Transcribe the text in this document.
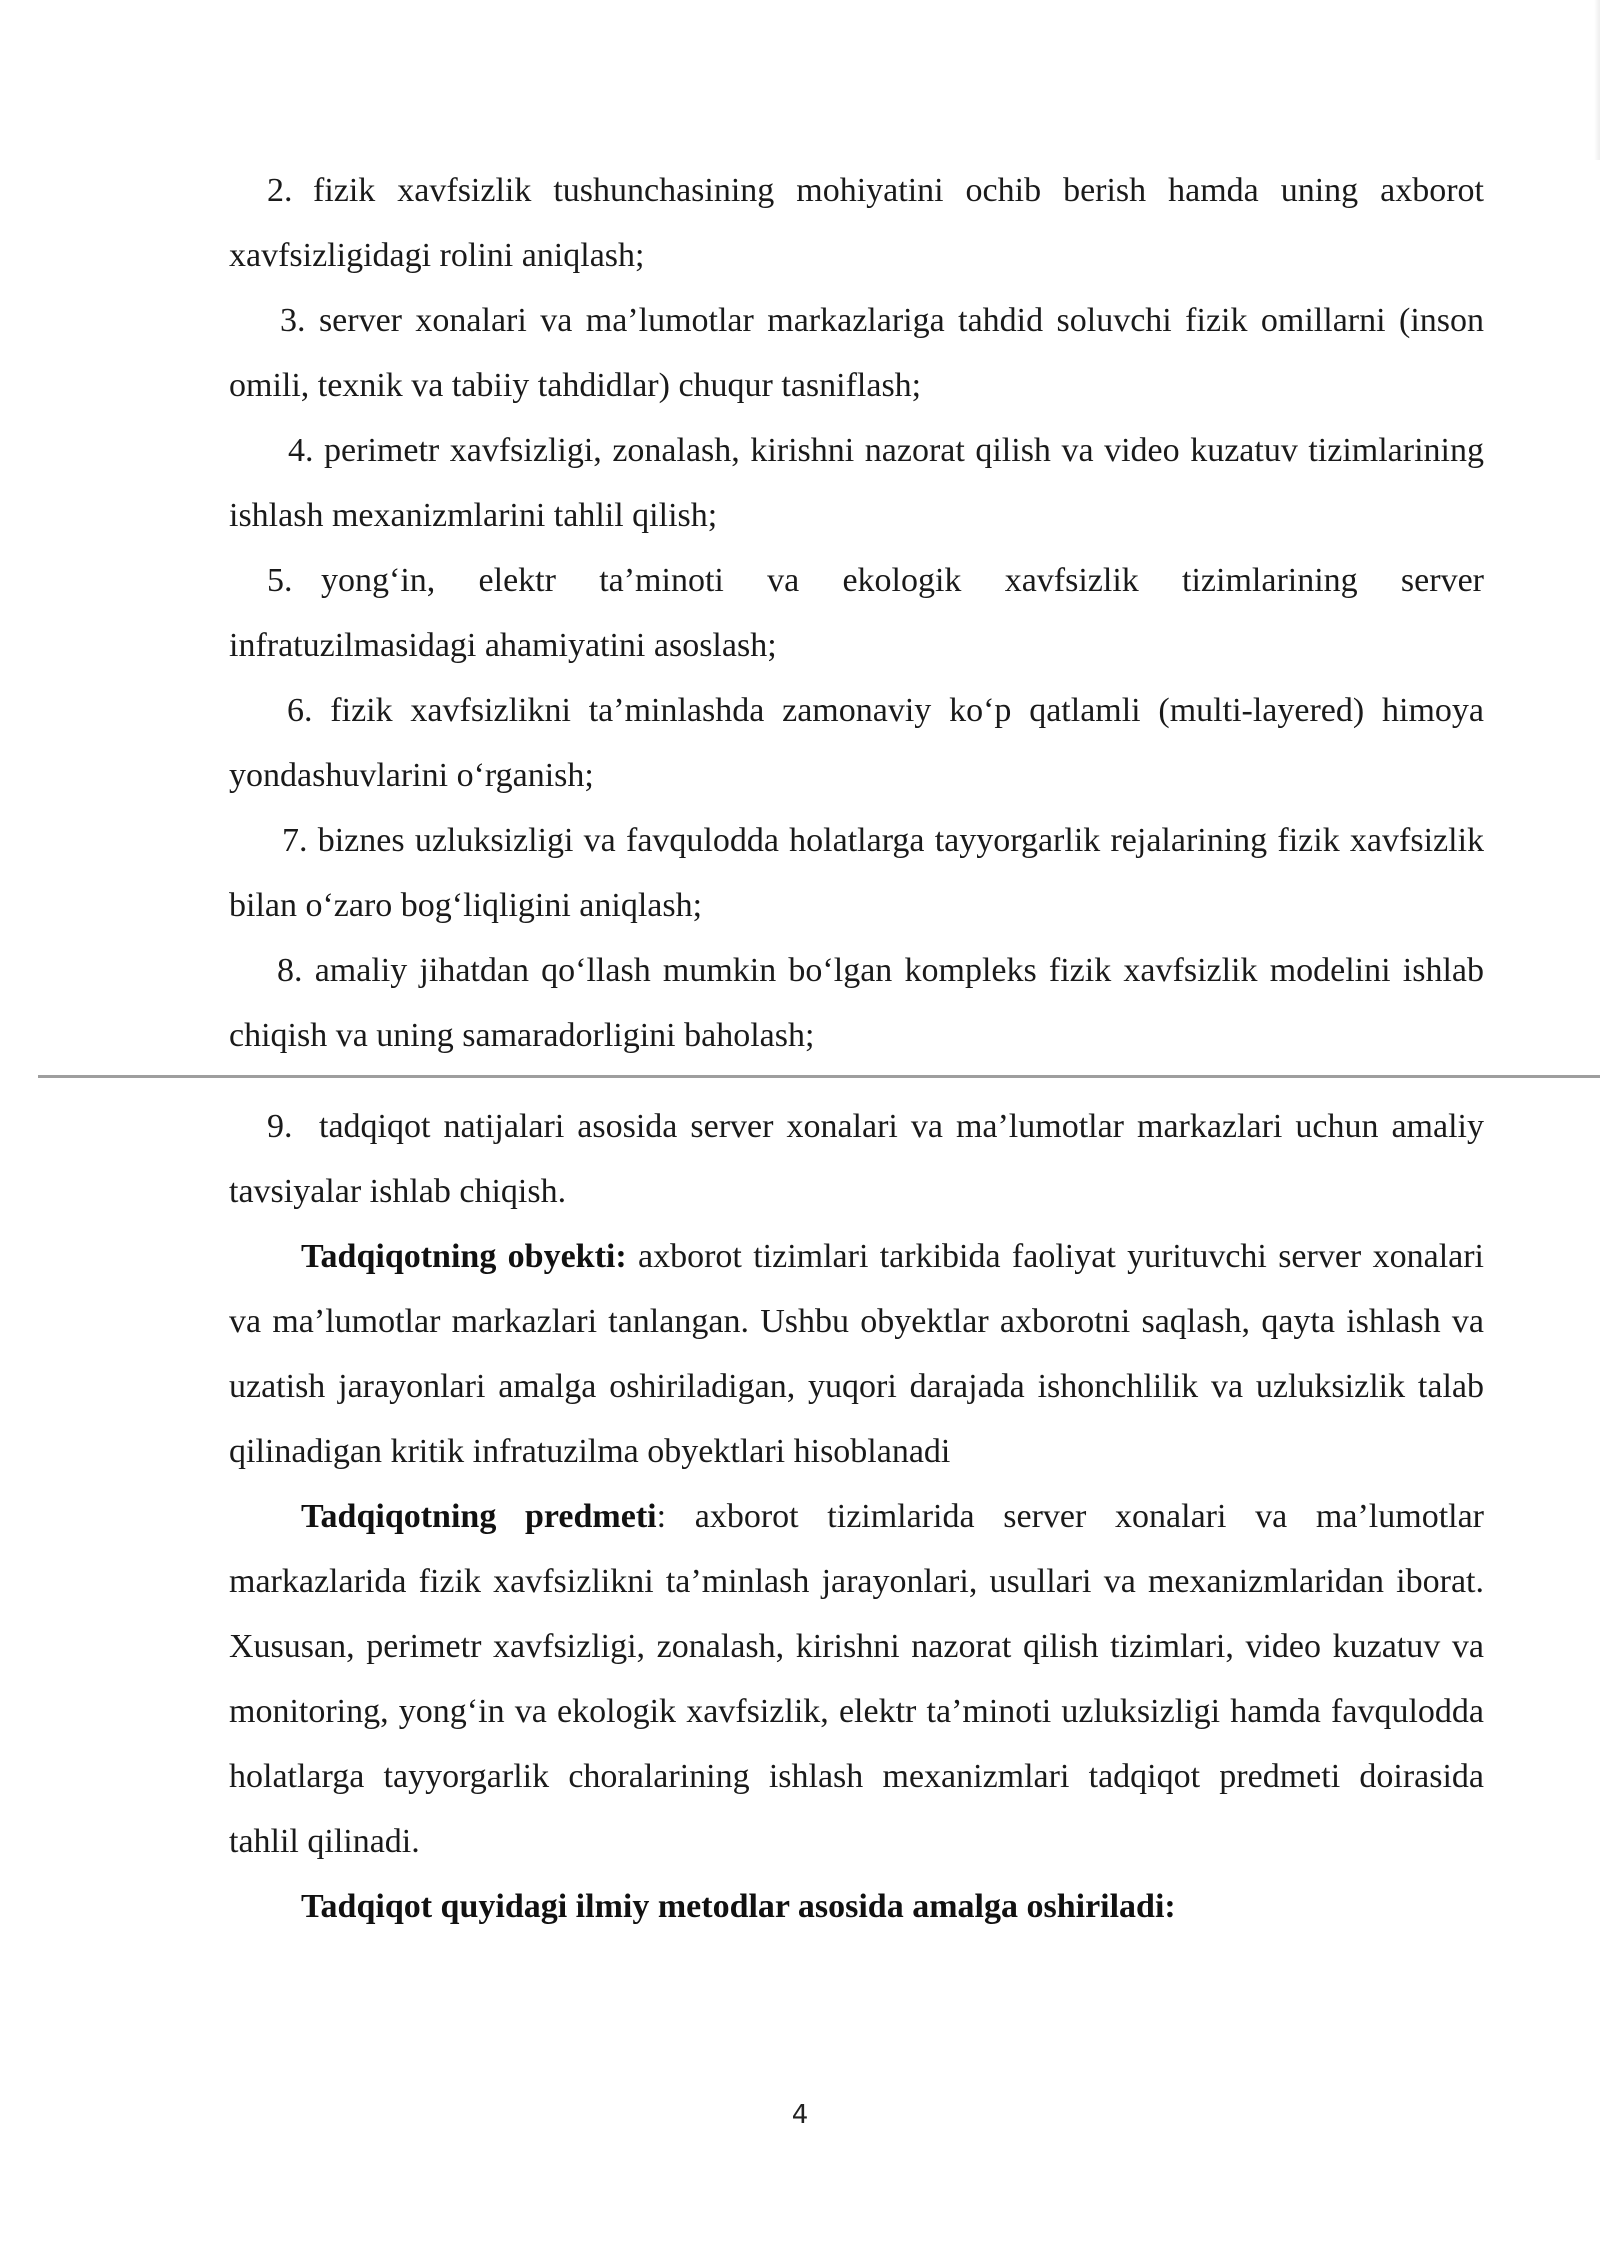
2. fizik xavfsizlik tushunchasining mohiyatini ochib berish hamda uning axborot xavfsizligidagi rolini aniqlash;

3. server xonalari va ma’lumotlar markazlariga tahdid soluvchi fizik omillarni (inson omili, texnik va tabiiy tahdidlar) chuqur tasniflash;

4. perimetr xavfsizligi, zonalash, kirishni nazorat qilish va video kuzatuv tizimlarining ishlash mexanizmlarini tahlil qilish;

5. yong‘in, elektr ta’minoti va ekologik xavfsizlik tizimlarining server infratuzilmasidagi ahamiyatini asoslash;

6. fizik xavfsizlikni ta’minlashda zamonaviy ko‘p qatlamli (multi-layered) himoya yondashuvlarini o‘rganish;

7. biznes uzluksizligi va favqulodda holatlarga tayyorgarlik rejalarining fizik xavfsizlik bilan o‘zaro bog‘liqligini aniqlash;

8. amaliy jihatdan qo‘llash mumkin bo‘lgan kompleks fizik xavfsizlik modelini ishlab chiqish va uning samaradorligini baholash;

9. tadqiqot natijalari asosida server xonalari va ma’lumotlar markazlari uchun amaliy tavsiyalar ishlab chiqish.

Tadqiqotning obyekti: axborot tizimlari tarkibida faoliyat yurituvchi server xonalari va ma’lumotlar markazlari tanlangan. Ushbu obyektlar axborotni saqlash, qayta ishlash va uzatish jarayonlari amalga oshiriladigan, yuqori darajada ishonchlilik va uzluksizlik talab qilinadigan kritik infratuzilma obyektlari hisoblanadi

Tadqiqotning predmeti: axborot tizimlarida server xonalari va ma’lumotlar markazlarida fizik xavfsizlikni ta’minlash jarayonlari, usullari va mexanizmlaridan iborat. Xususan, perimetr xavfsizligi, zonalash, kirishni nazorat qilish tizimlari, video kuzatuv va monitoring, yong‘in va ekologik xavfsizlik, elektr ta’minoti uzluksizligi hamda favqulodda holatlarga tayyorgarlik choralarining ishlash mexanizmlari tadqiqot predmeti doirasida tahlil qilinadi.

Tadqiqot quyidagi ilmiy metodlar asosida amalga oshiriladi:

4
